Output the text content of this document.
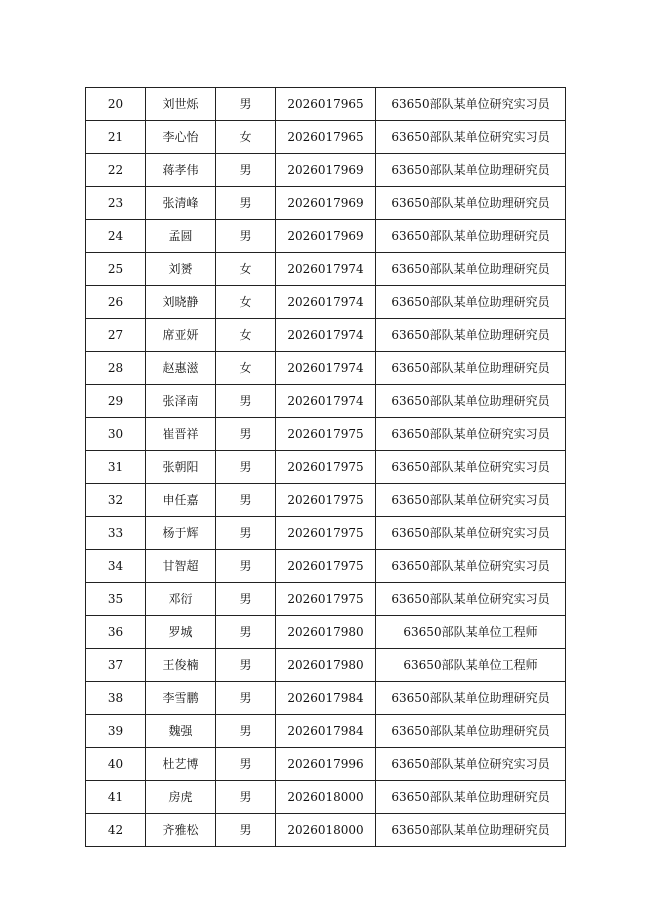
20	刘世烁	男	2026017965	63650部队某单位研究实习员
21	李心怡	女	2026017965	63650部队某单位研究实习员
22	蒋孝伟	男	2026017969	63650部队某单位助理研究员
23	张清峰	男	2026017969	63650部队某单位助理研究员
24	孟圆	男	2026017969	63650部队某单位助理研究员
25	刘赟	女	2026017974	63650部队某单位助理研究员
26	刘晓静	女	2026017974	63650部队某单位助理研究员
27	席亚妍	女	2026017974	63650部队某单位助理研究员
28	赵惠滋	女	2026017974	63650部队某单位助理研究员
29	张泽南	男	2026017974	63650部队某单位助理研究员
30	崔晋祥	男	2026017975	63650部队某单位研究实习员
31	张朝阳	男	2026017975	63650部队某单位研究实习员
32	申任嘉	男	2026017975	63650部队某单位研究实习员
33	杨于辉	男	2026017975	63650部队某单位研究实习员
34	甘智超	男	2026017975	63650部队某单位研究实习员
35	邓衍	男	2026017975	63650部队某单位研究实习员
36	罗城	男	2026017980	63650部队某单位工程师
37	王俊楠	男	2026017980	63650部队某单位工程师
38	李雪鹏	男	2026017984	63650部队某单位助理研究员
39	魏强	男	2026017984	63650部队某单位助理研究员
40	杜艺博	男	2026017996	63650部队某单位研究实习员
41	房虎	男	2026018000	63650部队某单位助理研究员
42	齐雅松	男	2026018000	63650部队某单位助理研究员
